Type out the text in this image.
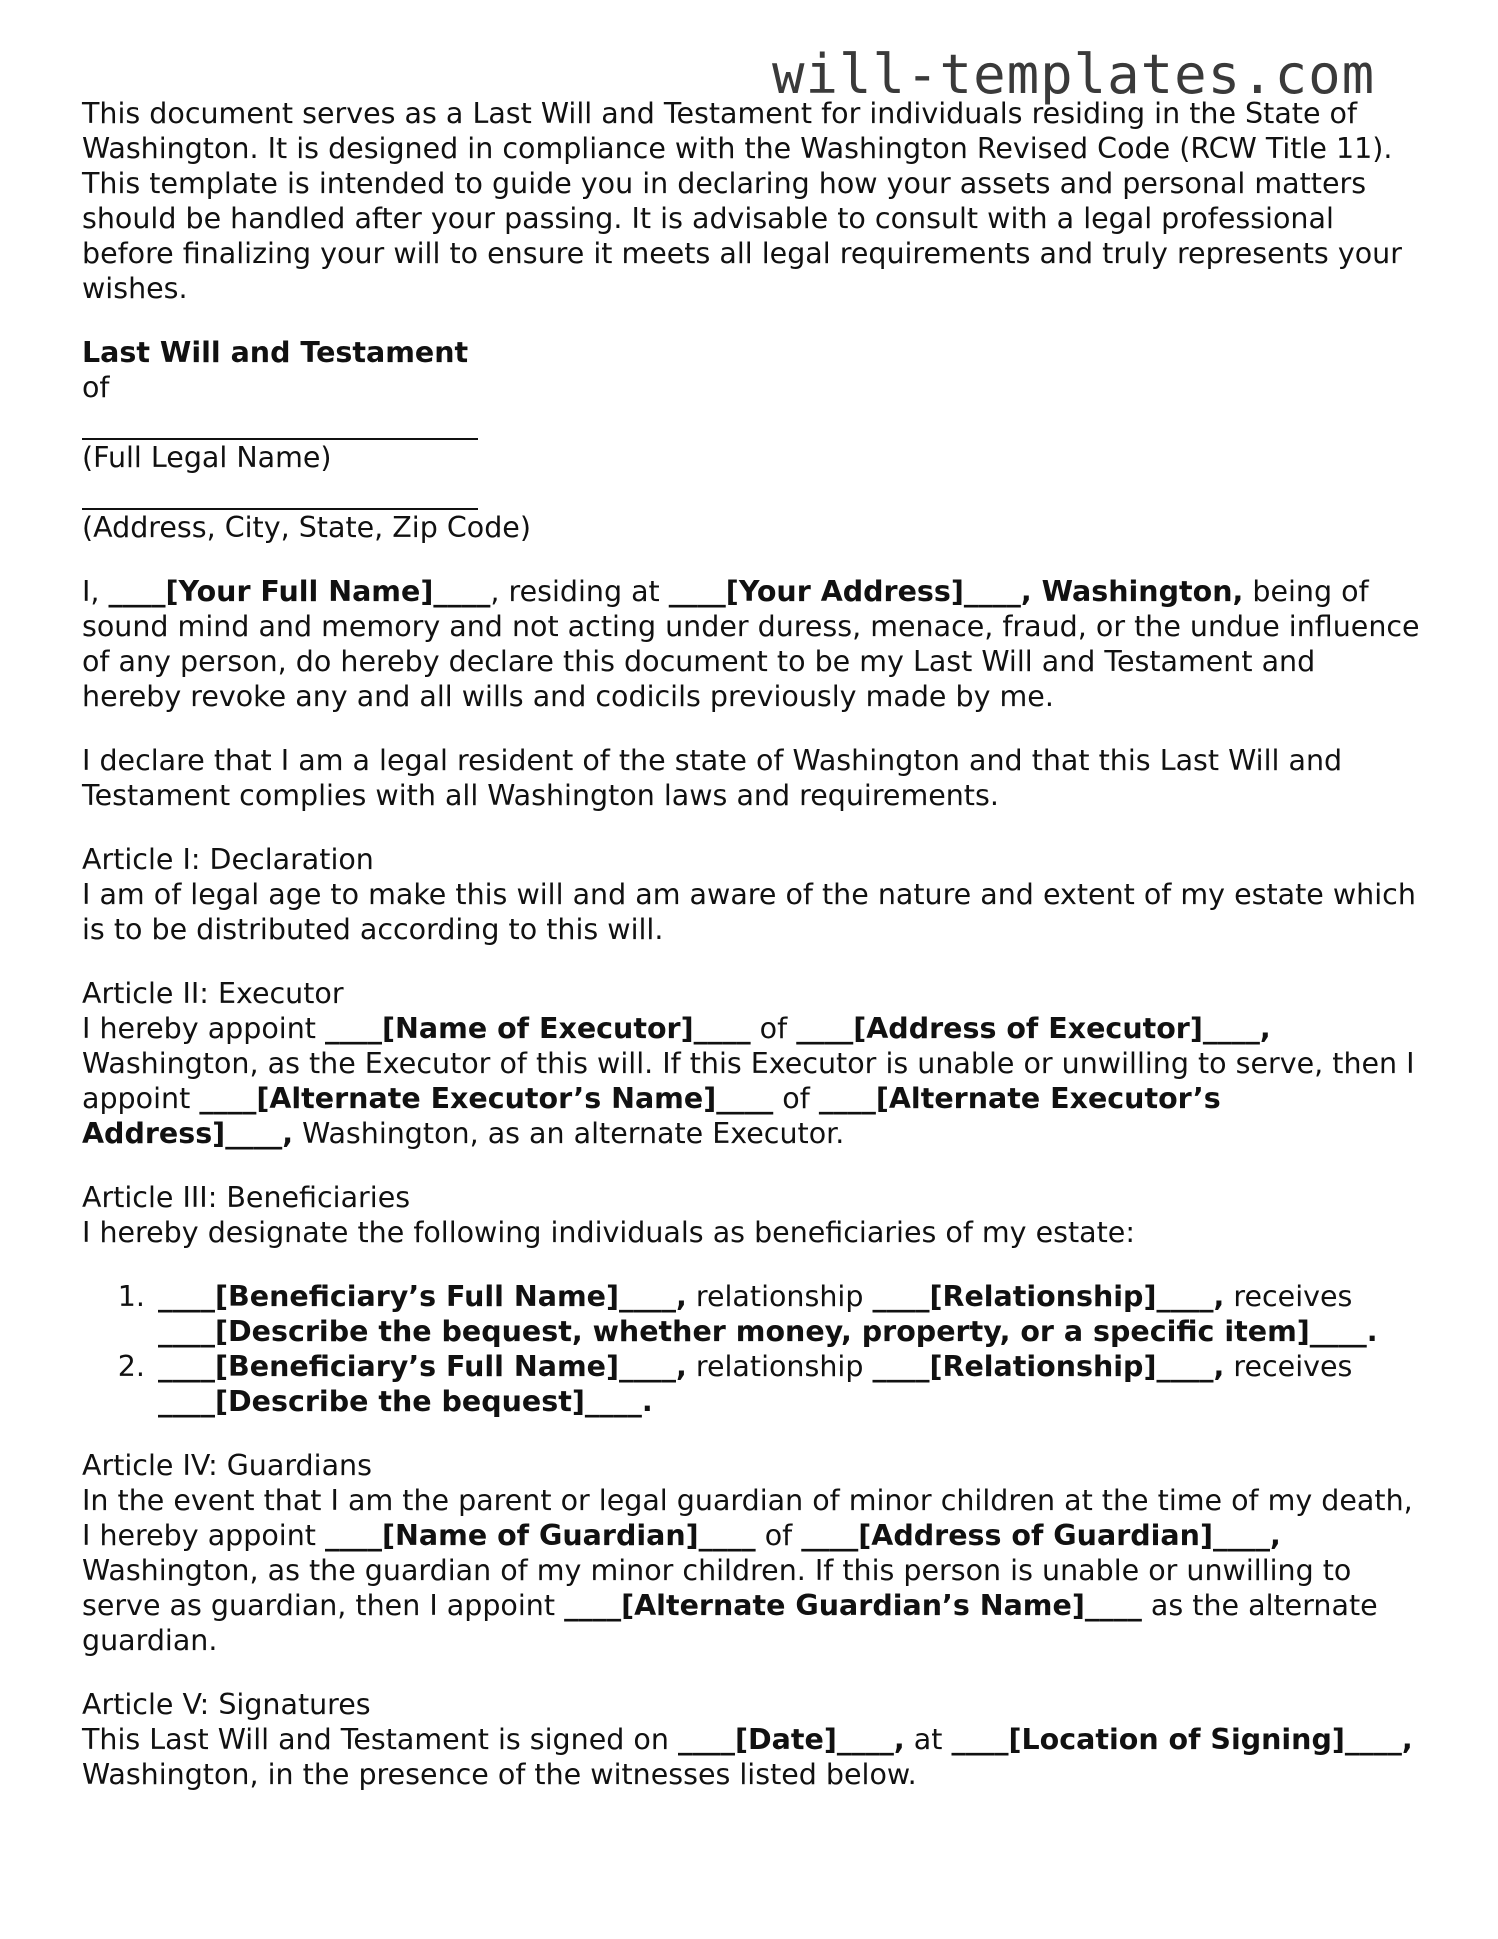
will-templates.com

This document serves as a Last Will and Testament for individuals residing in the State of Washington. It is designed in compliance with the Washington Revised Code (RCW Title 11). This template is intended to guide you in declaring how your assets and personal matters should be handled after your passing. It is advisable to consult with a legal professional before finalizing your will to ensure it meets all legal requirements and truly represents your wishes.

Last Will and Testament

of

(Full Legal Name)

(Address, City, State, Zip Code)

I, ____[Your Full Name]____, residing at ____[Your Address]____, Washington, being of sound mind and memory and not acting under duress, menace, fraud, or the undue influence of any person, do hereby declare this document to be my Last Will and Testament and hereby revoke any and all wills and codicils previously made by me.

I declare that I am a legal resident of the state of Washington and that this Last Will and Testament complies with all Washington laws and requirements.

Article I: Declaration
I am of legal age to make this will and am aware of the nature and extent of my estate which is to be distributed according to this will.

Article II: Executor
I hereby appoint ____[Name of Executor]____ of ____[Address of Executor]____, Washington, as the Executor of this will. If this Executor is unable or unwilling to serve, then I appoint ____[Alternate Executor’s Name]____ of ____[Alternate Executor’s Address]____, Washington, as an alternate Executor.

Article III: Beneficiaries
I hereby designate the following individuals as beneficiaries of my estate:
1. ____[Beneficiary’s Full Name]____, relationship ____[Relationship]____, receives ____[Describe the bequest, whether money, property, or a specific item]____.
2. ____[Beneficiary’s Full Name]____, relationship ____[Relationship]____, receives ____[Describe the bequest]____.

Article IV: Guardians
In the event that I am the parent or legal guardian of minor children at the time of my death, I hereby appoint ____[Name of Guardian]____ of ____[Address of Guardian]____, Washington, as the guardian of my minor children. If this person is unable or unwilling to serve as guardian, then I appoint ____[Alternate Guardian’s Name]____ as the alternate guardian.

Article V: Signatures
This Last Will and Testament is signed on ____[Date]____, at ____[Location of Signing]____, Washington, in the presence of the witnesses listed below.
